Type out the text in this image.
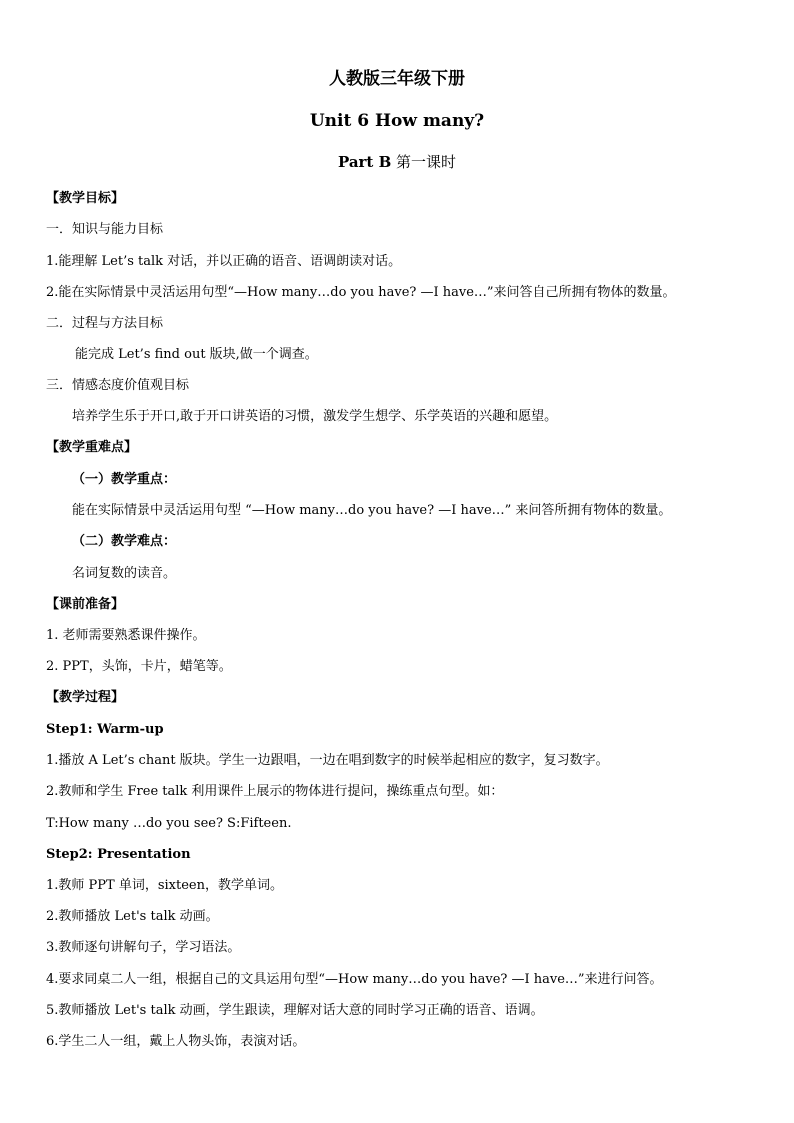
人教版三年级下册
Unit 6 How many?
Part B 第一课时
【教学目标】
一．知识与能力目标
1.能理解 Let’s talk 对话，并以正确的语音、语调朗读对话。
2.能在实际情景中灵活运用句型“—How many…do you have? —I have…”来问答自己所拥有物体的数量。
二．过程与方法目标
能完成 Let’s find out 版块,做一个调查。
三．情感态度价值观目标
培养学生乐于开口,敢于开口讲英语的习惯，激发学生想学、乐学英语的兴趣和愿望。
【教学重难点】
（一）教学重点：
能在实际情景中灵活运用句型 “—How many…do you have? —I have…” 来问答所拥有物体的数量。
（二）教学难点：
名词复数的读音。
【课前准备】
1. 老师需要熟悉课件操作。
2. PPT，头饰，卡片，蜡笔等。
【教学过程】
Step1: Warm-up
1.播放 A Let’s chant 版块。学生一边跟唱，一边在唱到数字的时候举起相应的数字，复习数字。
2.教师和学生 Free talk 利用课件上展示的物体进行提问，操练重点句型。如：
T:How many …do you see? S:Fifteen.
Step2: Presentation
1.教师 PPT 单词，sixteen，教学单词。
2.教师播放 Let's talk 动画。
3.教师逐句讲解句子，学习语法。
4.要求同桌二人一组，根据自己的文具运用句型“—How many…do you have? —I have…”来进行问答。
5.教师播放 Let's talk 动画，学生跟读，理解对话大意的同时学习正确的语音、语调。
6.学生二人一组，戴上人物头饰，表演对话。
